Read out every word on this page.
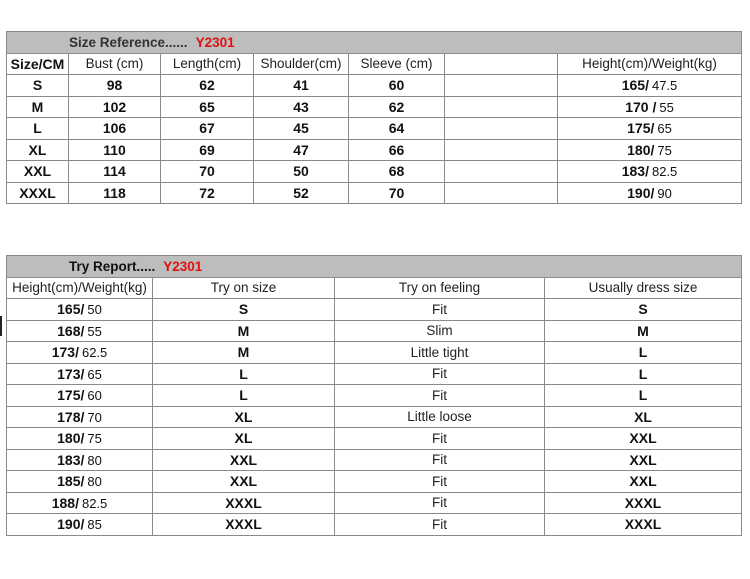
Size Reference...... Y2301						
Size/CM	Bust (cm)	Length(cm)	Shoulder(cm)	Sleeve (cm)		Height(cm)/Weight(kg)
S	98	62	41	60		165/ 47.5
M	102	65	43	62		170 / 55
L	106	67	45	64		175/ 65
XL	110	69	47	66		180/ 75
XXL	114	70	50	68		183/ 82.5
XXXL	118	72	52	70		190/ 90
Try Report..... Y2301			
Height(cm)/Weight(kg)	Try on size	Try on feeling	Usually dress size
165/ 50	S	Fit	S
168/ 55	M	Slim	M
173/ 62.5	M	Little tight	L
173/ 65	L	Fit	L
175/ 60	L	Fit	L
178/ 70	XL	Little loose	XL
180/ 75	XL	Fit	XXL
183/ 80	XXL	Fit	XXL
185/ 80	XXL	Fit	XXL
188/ 82.5	XXXL	Fit	XXXL
190/ 85	XXXL	Fit	XXXL
